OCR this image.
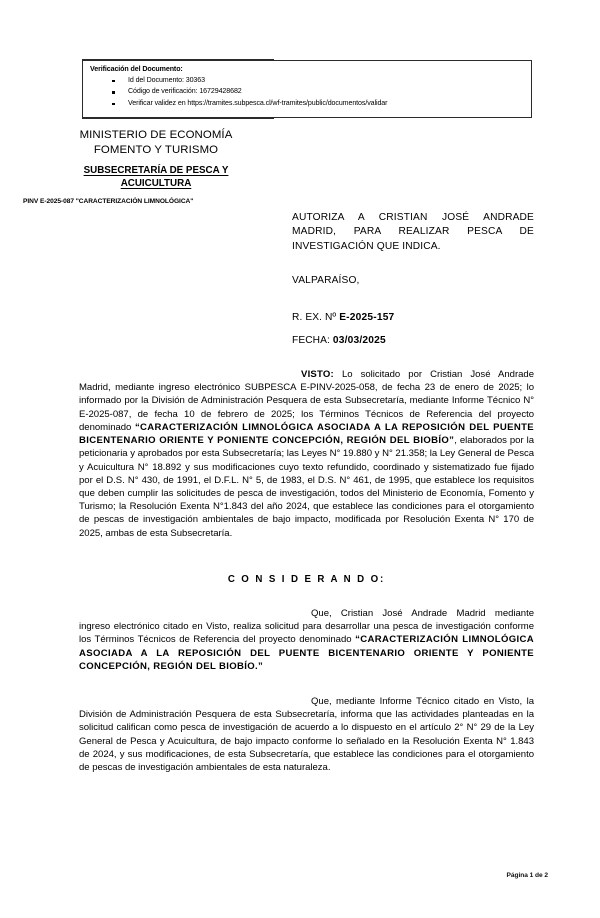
Verificación del Documento:
Id del Documento: 30363
Código de verificación: 16729428682
Verificar validez en https://tramites.subpesca.cl/wf-tramites/public/documentos/validar
MINISTERIO DE ECONOMÍA
FOMENTO Y TURISMO
SUBSECRETARÍA DE PESCA Y
ACUICULTURA
PINV E-2025-087 "CARACTERIZACIÓN LIMNOLÓGICA"
AUTORIZA A CRISTIAN JOSÉ ANDRADE MADRID, PARA REALIZAR PESCA DE INVESTIGACIÓN QUE INDICA.
VALPARAÍSO,
R. EX. Nº E-2025-157
FECHA: 03/03/2025

VISTO: Lo solicitado por Cristian José Andrade Madrid, mediante ingreso electrónico SUBPESCA E-PINV-2025-058, de fecha 23 de enero de 2025; lo informado por la División de Administración Pesquera de esta Subsecretaría, mediante Informe Técnico N° E-2025-087, de fecha 10 de febrero de 2025; los Términos Técnicos de Referencia del proyecto denominado “CARACTERIZACIÓN LIMNOLÓGICA ASOCIADA A LA REPOSICIÓN DEL PUENTE BICENTENARIO ORIENTE Y PONIENTE CONCEPCIÓN, REGIÓN DEL BIOBÍO”, elaborados por la peticionaria y aprobados por esta Subsecretaría; las Leyes N° 19.880 y N° 21.358; la Ley General de Pesca y Acuicultura N° 18.892 y sus modificaciones cuyo texto refundido, coordinado y sistematizado fue fijado por el D.S. N° 430, de 1991, el D.F.L. N° 5, de 1983, el D.S. N° 461, de 1995, que establece los requisitos que deben cumplir las solicitudes de pesca de investigación, todos del Ministerio de Economía, Fomento y Turismo; la Resolución Exenta N°1.843 del año 2024, que establece las condiciones para el otorgamiento de pescas de investigación ambientales de bajo impacto, modificada por Resolución Exenta N° 170 de 2025, ambas de esta Subsecretaría.

C O N S I D E R A N D O:

Que, Cristian José Andrade Madrid mediante ingreso electrónico citado en Visto, realiza solicitud para desarrollar una pesca de investigación conforme los Términos Técnicos de Referencia del proyecto denominado “CARACTERIZACIÓN LIMNOLÓGICA ASOCIADA A LA REPOSICIÓN DEL PUENTE BICENTENARIO ORIENTE Y PONIENTE CONCEPCIÓN, REGIÓN DEL BIOBÍO.”

Que, mediante Informe Técnico citado en Visto, la División de Administración Pesquera de esta Subsecretaría, informa que las actividades planteadas en la solicitud califican como pesca de investigación de acuerdo a lo dispuesto en el artículo 2° N° 29 de la Ley General de Pesca y Acuicultura, de bajo impacto conforme lo señalado en la Resolución Exenta N° 1.843 de 2024, y sus modificaciones, de esta Subsecretaría, que establece las condiciones para el otorgamiento de pescas de investigación ambientales de esta naturaleza.

Página 1 de 2
